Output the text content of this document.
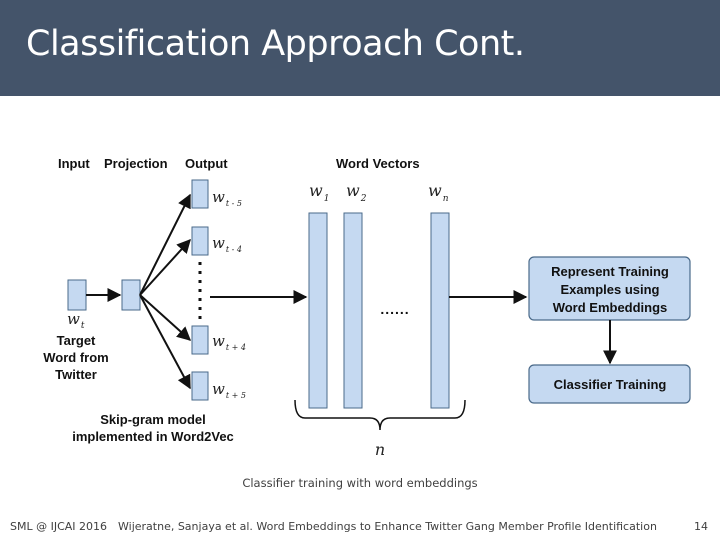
Classification Approach Cont.
Input Projection Output	Word Vectors
$w_t$
$w_{t - 5}$
$w_{t - 4}$
$w_{t + 4}$
$w_{t + 5}$
Target
Word from
Twitter
Skip-gram model
implemented in Word2Vec
$w_1$ $w_2$	$w_n$
......
n
Represent Training
Examples using
Word Embeddings
Classifier Training
Classifier training with word embeddings
SML @ IJCAI 2016 Wijeratne, Sanjaya et al. Word Embeddings to Enhance Twitter Gang Member Profile Identification	14
